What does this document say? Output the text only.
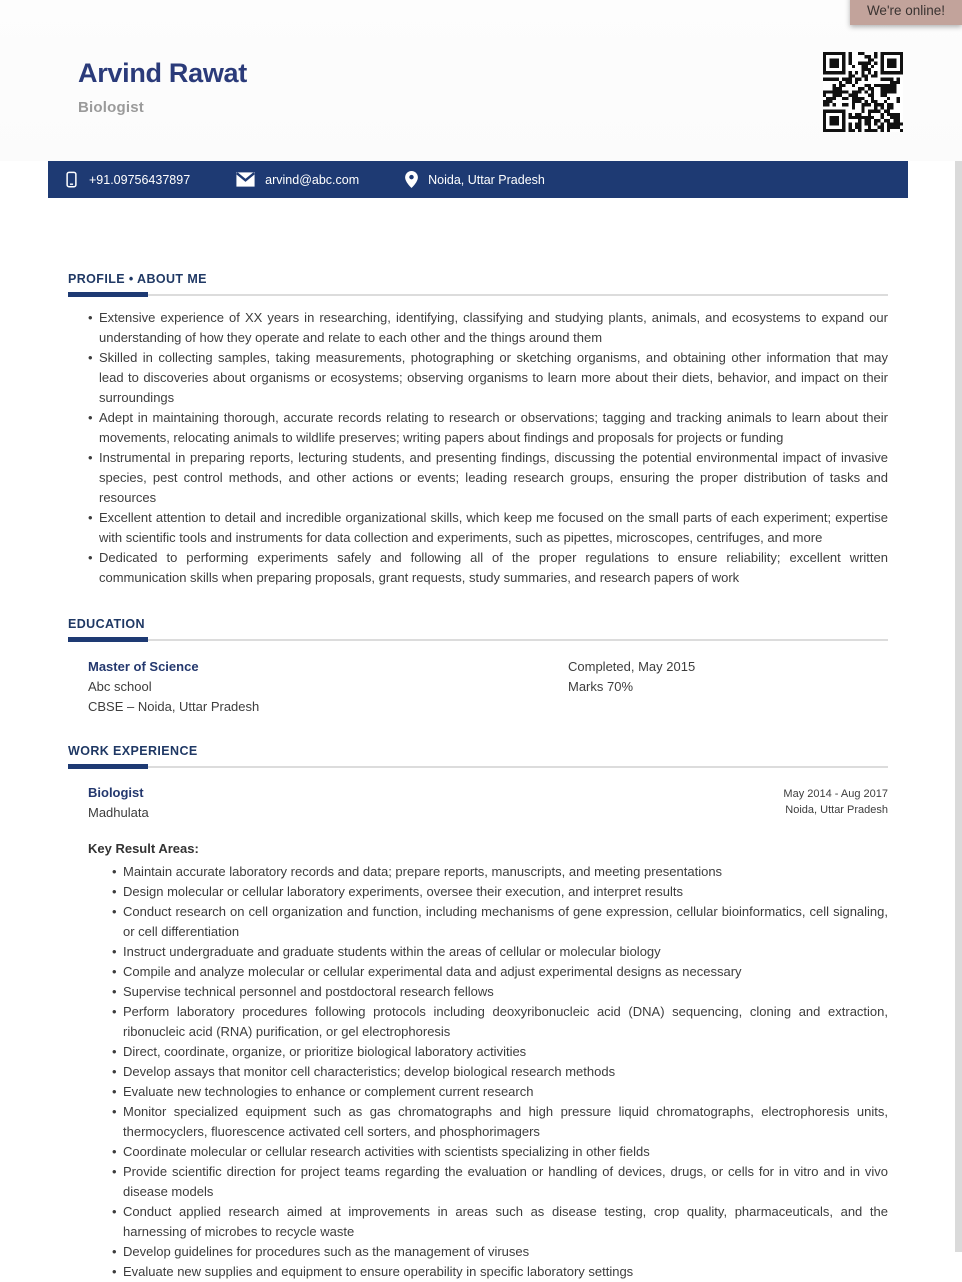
We're online!
Arvind Rawat
Biologist
+91.09756437897	arvind@abc.com	Noida, Uttar Pradesh
PROFILE • ABOUT ME
• Extensive experience of XX years in researching, identifying, classifying and studying plants, animals, and ecosystems to expand our understanding of how they operate and relate to each other and the things around them
• Skilled in collecting samples, taking measurements, photographing or sketching organisms, and obtaining other information that may lead to discoveries about organisms or ecosystems; observing organisms to learn more about their diets, behavior, and impact on their surroundings
• Adept in maintaining thorough, accurate records relating to research or observations; tagging and tracking animals to learn about their movements, relocating animals to wildlife preserves; writing papers about findings and proposals for projects or funding
• Instrumental in preparing reports, lecturing students, and presenting findings, discussing the potential environmental impact of invasive species, pest control methods, and other actions or events; leading research groups, ensuring the proper distribution of tasks and resources
• Excellent attention to detail and incredible organizational skills, which keep me focused on the small parts of each experiment; expertise with scientific tools and instruments for data collection and experiments, such as pipettes, microscopes, centrifuges, and more
• Dedicated to performing experiments safely and following all of the proper regulations to ensure reliability; excellent written communication skills when preparing proposals, grant requests, study summaries, and research papers of work
EDUCATION
Master of Science
Abc school
CBSE – Noida, Uttar Pradesh
Completed, May 2015
Marks 70%
WORK EXPERIENCE
Biologist
Madhulata
May 2014 - Aug 2017
Noida, Uttar Pradesh
Key Result Areas:
• Maintain accurate laboratory records and data; prepare reports, manuscripts, and meeting presentations
• Design molecular or cellular laboratory experiments, oversee their execution, and interpret results
• Conduct research on cell organization and function, including mechanisms of gene expression, cellular bioinformatics, cell signaling, or cell differentiation
• Instruct undergraduate and graduate students within the areas of cellular or molecular biology
• Compile and analyze molecular or cellular experimental data and adjust experimental designs as necessary
• Supervise technical personnel and postdoctoral research fellows
• Perform laboratory procedures following protocols including deoxyribonucleic acid (DNA) sequencing, cloning and extraction, ribonucleic acid (RNA) purification, or gel electrophoresis
• Direct, coordinate, organize, or prioritize biological laboratory activities
• Develop assays that monitor cell characteristics; develop biological research methods
• Evaluate new technologies to enhance or complement current research
• Monitor specialized equipment such as gas chromatographs and high pressure liquid chromatographs, electrophoresis units, thermocyclers, fluorescence activated cell sorters, and phosphorimagers
• Coordinate molecular or cellular research activities with scientists specializing in other fields
• Provide scientific direction for project teams regarding the evaluation or handling of devices, drugs, or cells for in vitro and in vivo disease models
• Conduct applied research aimed at improvements in areas such as disease testing, crop quality, pharmaceuticals, and the harnessing of microbes to recycle waste
• Develop guidelines for procedures such as the management of viruses
• Evaluate new supplies and equipment to ensure operability in specific laboratory settings
